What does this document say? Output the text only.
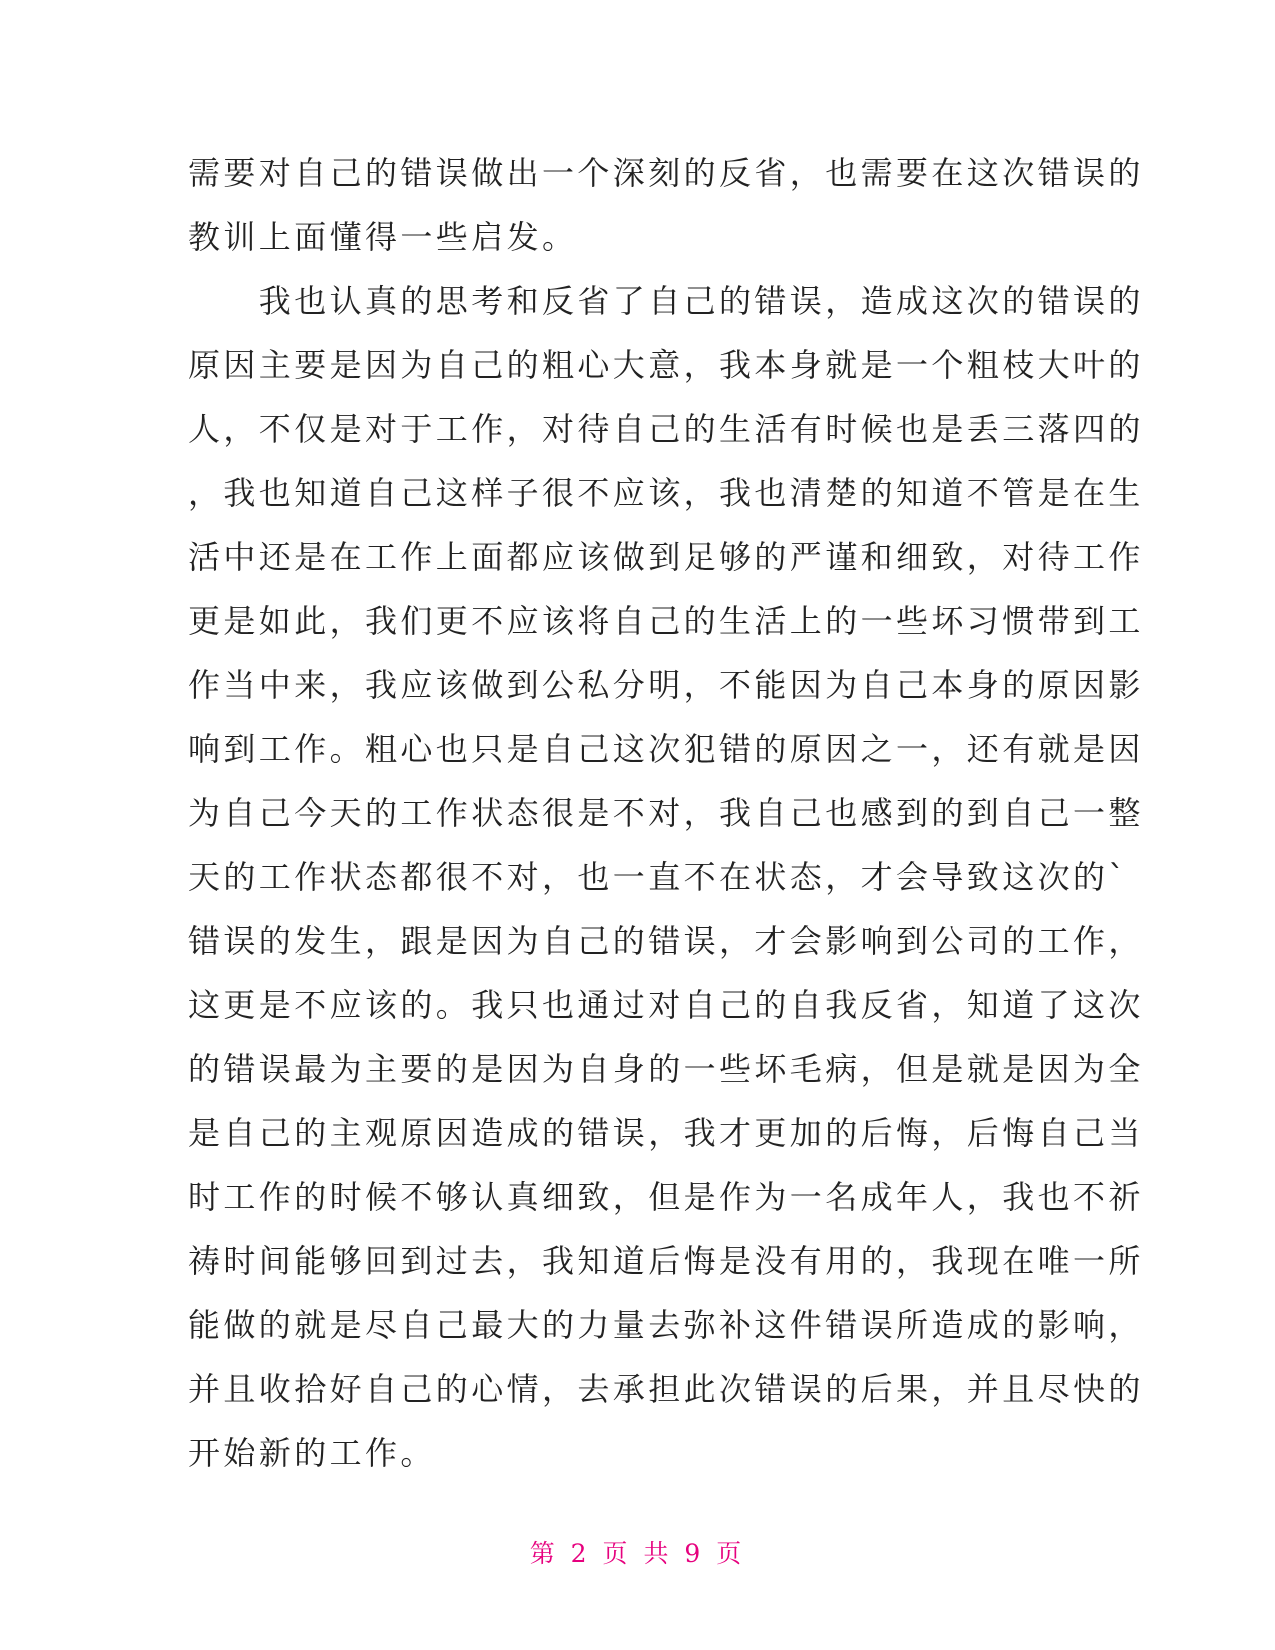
需要对自己的错误做出一个深刻的反省，也需要在这次错误的
教训上面懂得一些启发。
　　我也认真的思考和反省了自己的错误，造成这次的错误的
原因主要是因为自己的粗心大意，我本身就是一个粗枝大叶的
人，不仅是对于工作，对待自己的生活有时候也是丢三落四的
，我也知道自己这样子很不应该，我也清楚的知道不管是在生
活中还是在工作上面都应该做到足够的严谨和细致，对待工作
更是如此，我们更不应该将自己的生活上的一些坏习惯带到工
作当中来，我应该做到公私分明，不能因为自己本身的原因影
响到工作。粗心也只是自己这次犯错的原因之一，还有就是因
为自己今天的工作状态很是不对，我自己也感到的到自己一整
天的工作状态都很不对，也一直不在状态，才会导致这次的`
错误的发生，跟是因为自己的错误，才会影响到公司的工作，
这更是不应该的。我只也通过对自己的自我反省，知道了这次
的错误最为主要的是因为自身的一些坏毛病，但是就是因为全
是自己的主观原因造成的错误，我才更加的后悔，后悔自己当
时工作的时候不够认真细致，但是作为一名成年人，我也不祈
祷时间能够回到过去，我知道后悔是没有用的，我现在唯一所
能做的就是尽自己最大的力量去弥补这件错误所造成的影响，
并且收拾好自己的心情，去承担此次错误的后果，并且尽快的
开始新的工作。
第 2 页 共 9 页
